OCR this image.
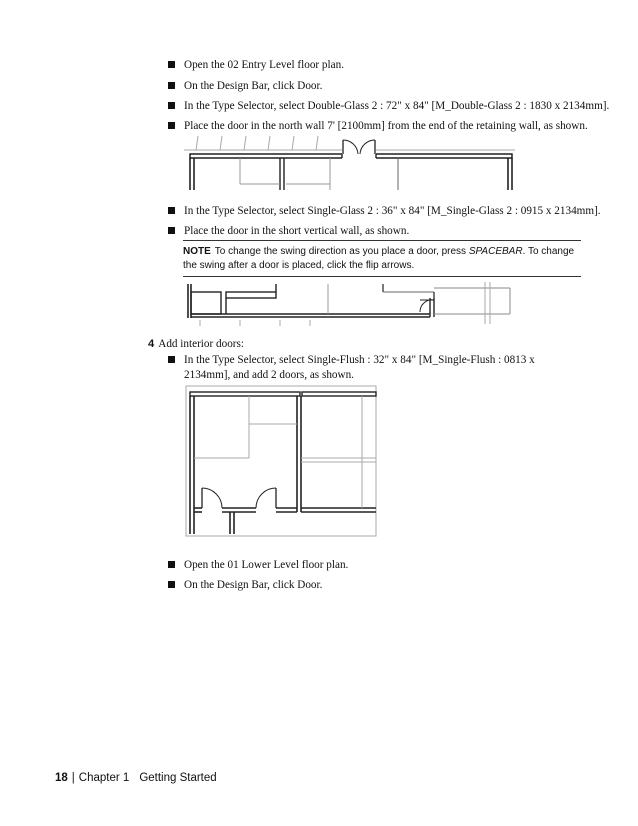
Open the 02 Entry Level floor plan.
On the Design Bar, click Door.
In the Type Selector, select Double-Glass 2 : 72" x 84" [M_Double-Glass 2 : 1830 x 2134mm].
Place the door in the north wall 7' [2100mm] from the end of the retaining wall, as shown.
In the Type Selector, select Single-Glass 2 : 36" x 84" [M_Single-Glass 2 : 0915 x 2134mm].
Place the door in the short vertical wall, as shown.
NOTE To change the swing direction as you place a door, press SPACEBAR. To change the swing after a door is placed, click the flip arrows.
4 Add interior doors:
In the Type Selector, select Single-Flush : 32" x 84" [M_Single-Flush : 0813 x 2134mm], and add 2 doors, as shown.
Open the 01 Lower Level floor plan.
On the Design Bar, click Door.
18 | Chapter 1 Getting Started
